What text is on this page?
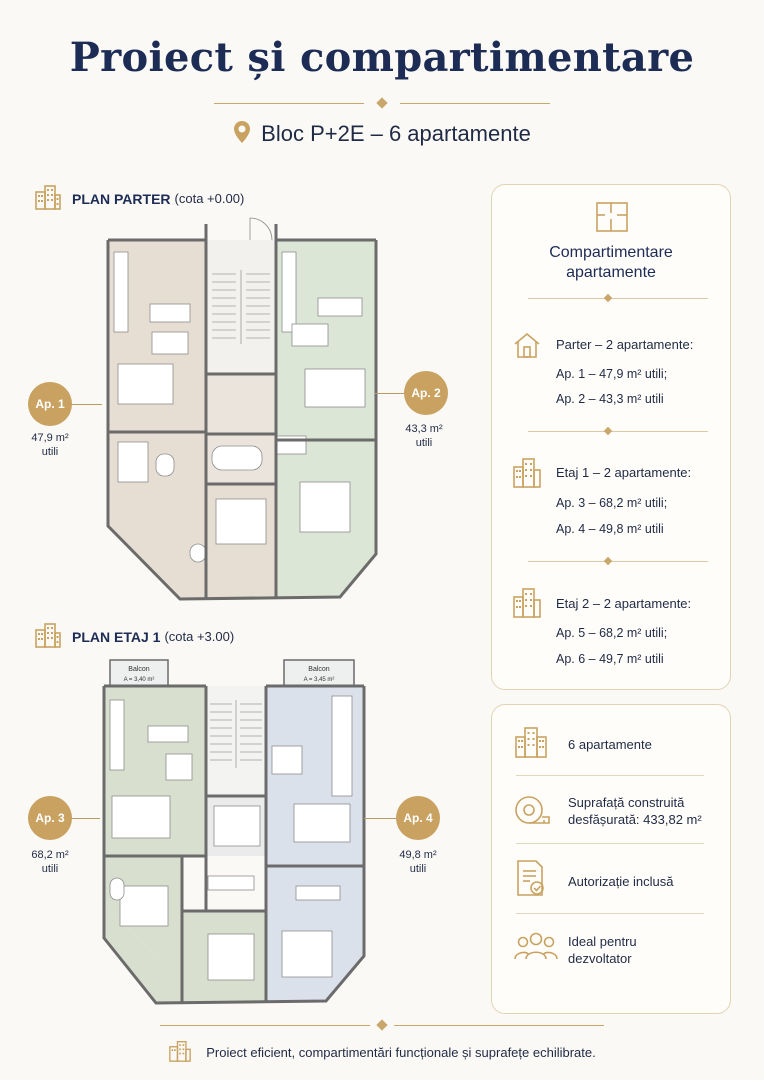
Proiect și compartimentare
Bloc P+2E – 6 apartamente
PLAN PARTER (cota +0.00)
Ap. 1
47,9 m²
utili
Ap. 2
43,3 m²
utili
PLAN ETAJ 1 (cota +3.00)
Balcon
A = 3,40 m²
Balcon
A = 3,45 m²
Ap. 3
68,2 m²
utili
Ap. 4
49,8 m²
utili
Compartimentare
apartamente
Parter – 2 apartamente:
Ap. 1 – 47,9 m² utili;
Ap. 2 – 43,3 m² utili
Etaj 1 – 2 apartamente:
Ap. 3 – 68,2 m² utili;
Ap. 4 – 49,8 m² utili
Etaj 2 – 2 apartamente:
Ap. 5 – 68,2 m² utili;
Ap. 6 – 49,7 m² utili
6 apartamente
Suprafață construită
desfășurată: 433,82 m²
Autorizație inclusă
Ideal pentru
dezvoltator
Proiect eficient, compartimentări funcționale și suprafețe echilibrate.
